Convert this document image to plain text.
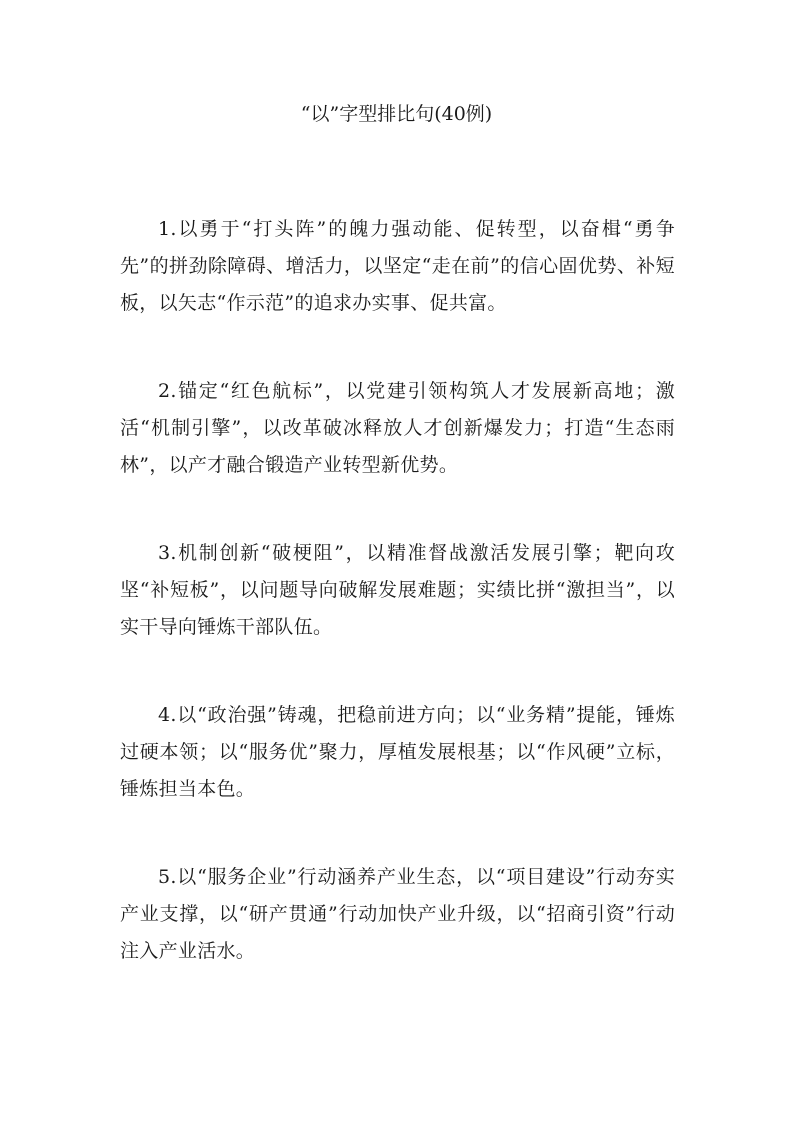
“以”字型排比句(40例)

1.以勇于“打头阵”的魄力强动能、促转型，以奋楫“勇争先”的拼劲除障碍、增活力，以坚定“走在前”的信心固优势、补短板，以矢志“作示范”的追求办实事、促共富。

2.锚定“红色航标”，以党建引领构筑人才发展新高地；激活“机制引擎”，以改革破冰释放人才创新爆发力；打造“生态雨林”，以产才融合锻造产业转型新优势。

3.机制创新“破梗阻”，以精准督战激活发展引擎；靶向攻坚“补短板”，以问题导向破解发展难题；实绩比拼“激担当”，以实干导向锤炼干部队伍。

4.以“政治强”铸魂，把稳前进方向；以“业务精”提能，锤炼过硬本领；以“服务优”聚力，厚植发展根基；以“作风硬”立标，锤炼担当本色。

5.以“服务企业”行动涵养产业生态，以“项目建设”行动夯实产业支撑，以“研产贯通”行动加快产业升级，以“招商引资”行动注入产业活水。
